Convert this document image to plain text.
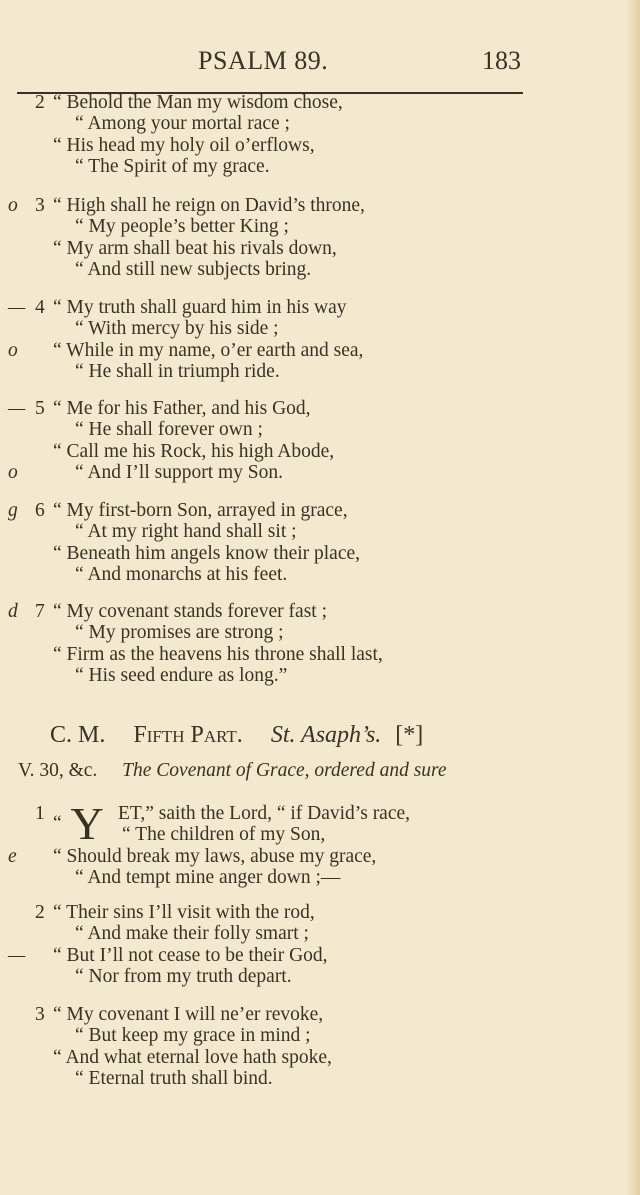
PSALM 89.	183
2 “ Behold the Man my wisdom chose,
“ Among your mortal race ;
“ His head my holy oil o’erflows,
“ The Spirit of my grace.
o 3 “ High shall he reign on David’s throne,
“ My people’s better King ;
“ My arm shall beat his rivals down,
“ And still new subjects bring.
— 4 “ My truth shall guard him in his way
“ With mercy by his side ;
o “ While in my name, o’er earth and sea,
“ He shall in triumph ride.
— 5 “ Me for his Father, and his God,
“ He shall forever own ;
“ Call me his Rock, his high Abode,
o	“ And I’ll support my Son.
g 6 “ My first-born Son, arrayed in grace,
“ At my right hand shall sit ;
“ Beneath him angels know their place,
“ And monarchs at his feet.
d 7 “ My covenant stands forever fast ;
“ My promises are strong ;
“ Firm as the heavens his throne shall last,
“ His seed endure as long.”
C. M. Fifth Part. St. Asaph’s. [*]
V. 30, &c. The Covenant of Grace, ordered and sure
1 “ Y ET,” saith the Lord, “ if David’s race,
“ The children of my Son,
e “ Should break my laws, abuse my grace,
“ And tempt mine anger down ;—
2 “ Their sins I’ll visit with the rod,
“ And make their folly smart ;
— “ But I’ll not cease to be their God,
“ Nor from my truth depart.
3 “ My covenant I will ne’er revoke,
“ But keep my grace in mind ;
“ And what eternal love hath spoke,
“ Eternal truth shall bind.
